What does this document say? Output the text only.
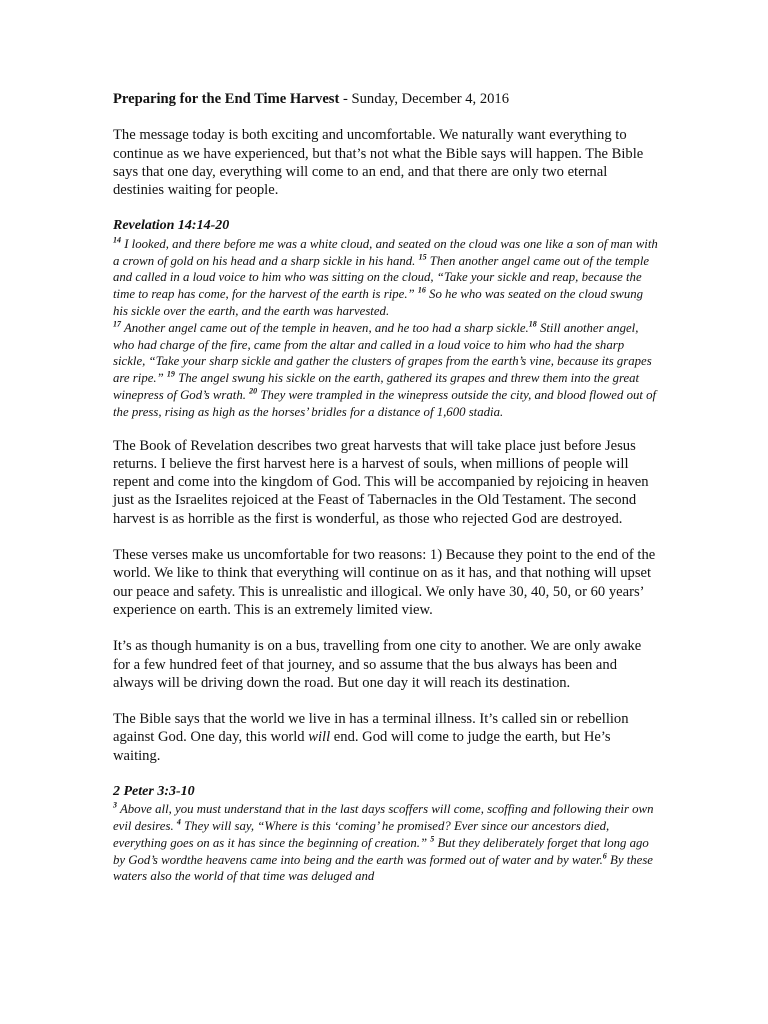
Preparing for the End Time Harvest - Sunday, December 4, 2016

The message today is both exciting and uncomfortable. We naturally want everything to continue as we have experienced, but that’s not what the Bible says will happen. The Bible says that one day, everything will come to an end, and that there are only two eternal destinies waiting for people.

Revelation 14:14-20
$^{14}$ I looked, and there before me was a white cloud, and seated on the cloud was one like a son of man with a crown of gold on his head and a sharp sickle in his hand. $^{15}$ Then another angel came out of the temple and called in a loud voice to him who was sitting on the cloud, “Take your sickle and reap, because the time to reap has come, for the harvest of the earth is ripe.” $^{16}$ So he who was seated on the cloud swung his sickle over the earth, and the earth was harvested.
$^{17}$ Another angel came out of the temple in heaven, and he too had a sharp sickle.$^{18}$ Still another angel, who had charge of the fire, came from the altar and called in a loud voice to him who had the sharp sickle, “Take your sharp sickle and gather the clusters of grapes from the earth’s vine, because its grapes are ripe.” $^{19}$ The angel swung his sickle on the earth, gathered its grapes and threw them into the great winepress of God’s wrath. $^{20}$ They were trampled in the winepress outside the city, and blood flowed out of the press, rising as high as the horses’ bridles for a distance of 1,600 stadia.

The Book of Revelation describes two great harvests that will take place just before Jesus returns. I believe the first harvest here is a harvest of souls, when millions of people will repent and come into the kingdom of God. This will be accompanied by rejoicing in heaven just as the Israelites rejoiced at the Feast of Tabernacles in the Old Testament. The second harvest is as horrible as the first is wonderful, as those who rejected God are destroyed.

These verses make us uncomfortable for two reasons: 1) Because they point to the end of the world. We like to think that everything will continue on as it has, and that nothing will upset our peace and safety. This is unrealistic and illogical. We only have 30, 40, 50, or 60 years’ experience on earth. This is an extremely limited view.

It’s as though humanity is on a bus, travelling from one city to another. We are only awake for a few hundred feet of that journey, and so assume that the bus always has been and always will be driving down the road. But one day it will reach its destination.

The Bible says that the world we live in has a terminal illness. It’s called sin or rebellion against God. One day, this world will end. God will come to judge the earth, but He’s waiting.

2 Peter 3:3-10
$^3$ Above all, you must understand that in the last days scoffers will come, scoffing and following their own evil desires. $^4$ They will say, “Where is this ‘coming’ he promised? Ever since our ancestors died, everything goes on as it has since the beginning of creation.” $^5$ But they deliberately forget that long ago by God’s wordthe heavens came into being and the earth was formed out of water and by water.$^6$ By these waters also the world of that time was deluged and
